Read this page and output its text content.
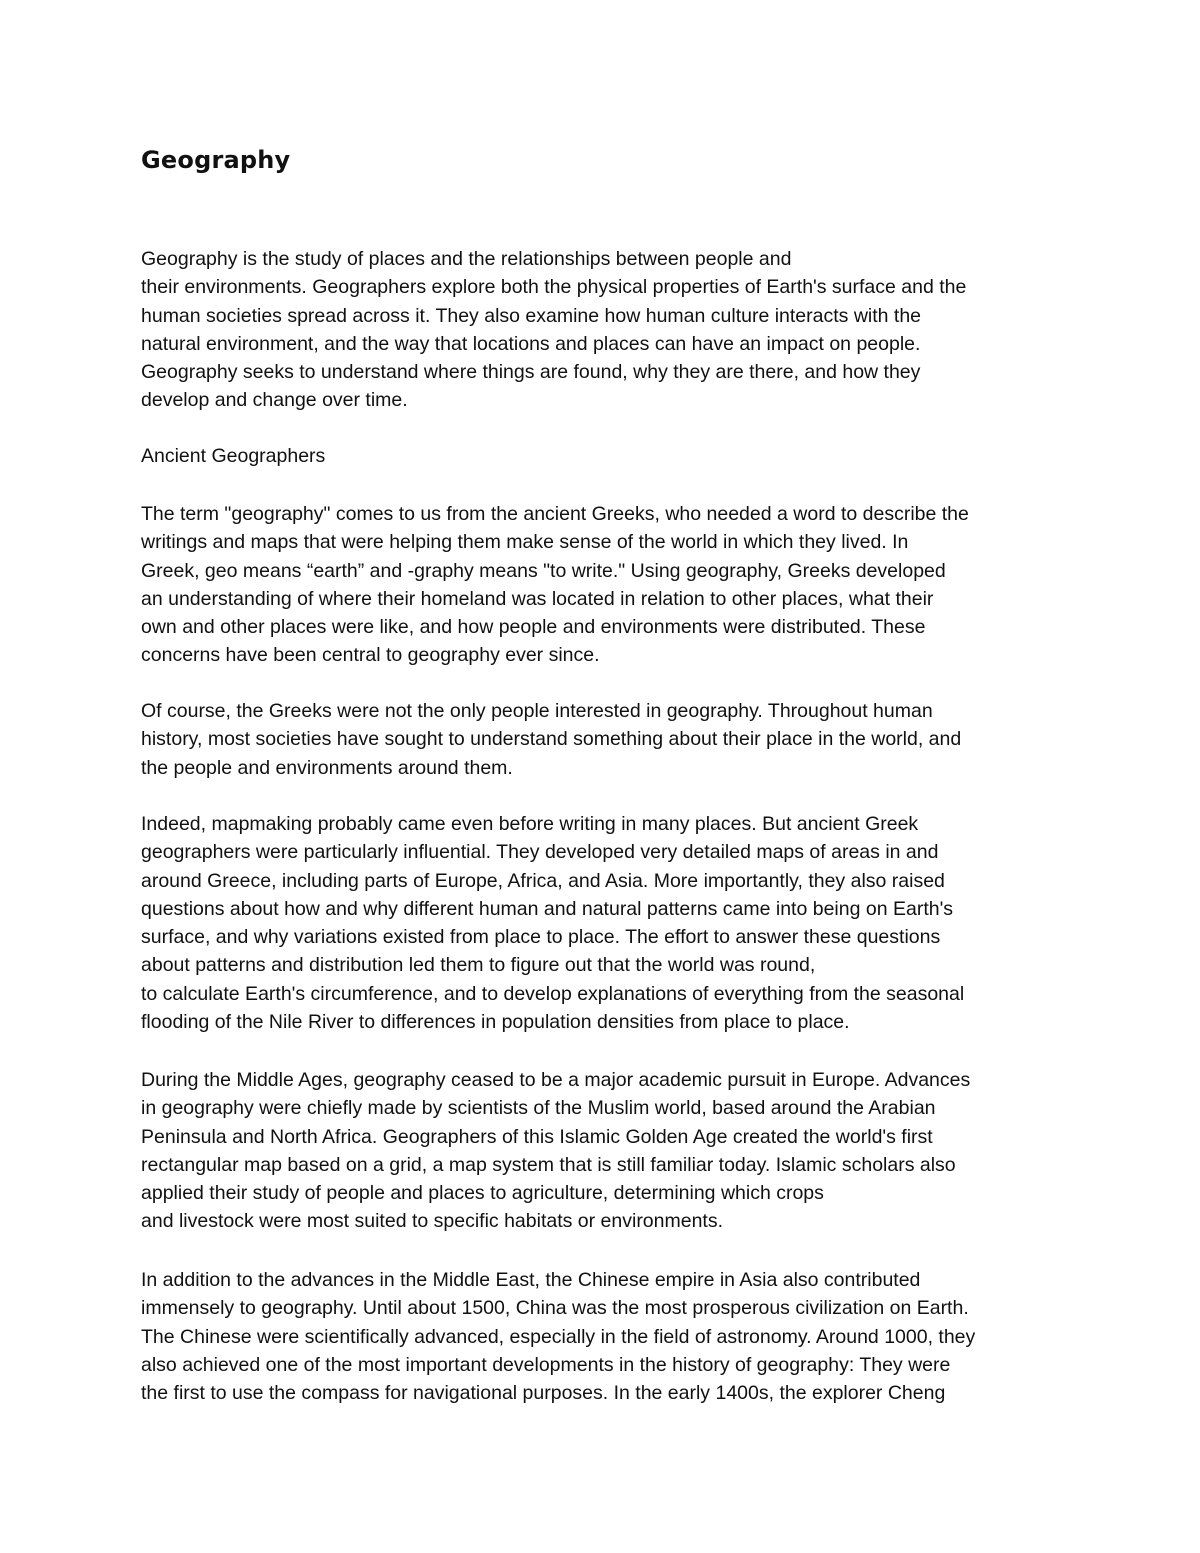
Geography

Geography is the study of places and the relationships between people and
their environments. Geographers explore both the physical properties of Earth's surface and the
human societies spread across it. They also examine how human culture interacts with the
natural environment, and the way that locations and places can have an impact on people.
Geography seeks to understand where things are found, why they are there, and how they
develop and change over time.

Ancient Geographers

The term "geography" comes to us from the ancient Greeks, who needed a word to describe the
writings and maps that were helping them make sense of the world in which they lived. In
Greek, geo means “earth” and -graphy means "to write." Using geography, Greeks developed
an understanding of where their homeland was located in relation to other places, what their
own and other places were like, and how people and environments were distributed. These
concerns have been central to geography ever since.

Of course, the Greeks were not the only people interested in geography. Throughout human
history, most societies have sought to understand something about their place in the world, and
the people and environments around them.

Indeed, mapmaking probably came even before writing in many places. But ancient Greek
geographers were particularly influential. They developed very detailed maps of areas in and
around Greece, including parts of Europe, Africa, and Asia. More importantly, they also raised
questions about how and why different human and natural patterns came into being on Earth's
surface, and why variations existed from place to place. The effort to answer these questions
about patterns and distribution led them to figure out that the world was round,
to calculate Earth's circumference, and to develop explanations of everything from the seasonal
flooding of the Nile River to differences in population densities from place to place.

During the Middle Ages, geography ceased to be a major academic pursuit in Europe. Advances
in geography were chiefly made by scientists of the Muslim world, based around the Arabian
Peninsula and North Africa. Geographers of this Islamic Golden Age created the world's first
rectangular map based on a grid, a map system that is still familiar today. Islamic scholars also
applied their study of people and places to agriculture, determining which crops
and livestock were most suited to specific habitats or environments.

In addition to the advances in the Middle East, the Chinese empire in Asia also contributed
immensely to geography. Until about 1500, China was the most prosperous civilization on Earth.
The Chinese were scientifically advanced, especially in the field of astronomy. Around 1000, they
also achieved one of the most important developments in the history of geography: They were
the first to use the compass for navigational purposes. In the early 1400s, the explorer Cheng
